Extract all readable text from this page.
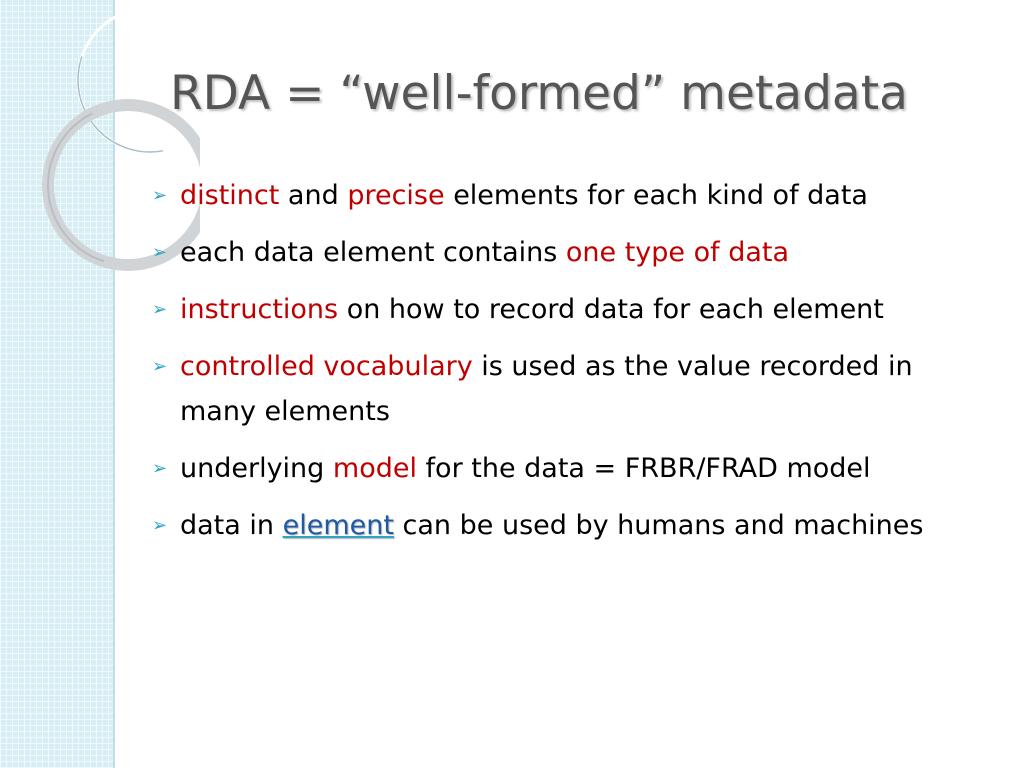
RDA = “well-formed” metadata
➢ distinct and precise elements for each kind of data
➢ each data element contains one type of data
➢ instructions on how to record data for each element
➢ controlled vocabulary is used as the value recorded in many elements
➢ underlying model for the data = FRBR/FRAD model
➢ data in element can be used by humans and machines
